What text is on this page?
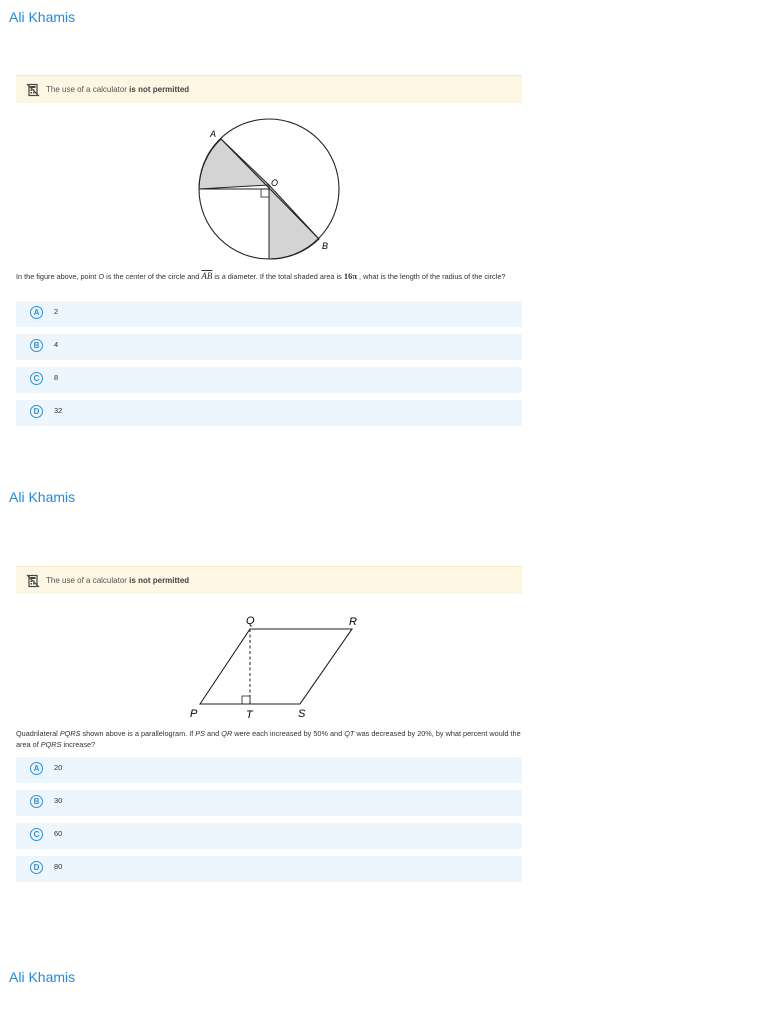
Ali Khamis
The use of a calculator is not permitted
A
O
B
In the figure above, point O is the center of the circle and $\overline{AB}$ is a diameter. If the total shaded area is 16π , what is the length of the radius of the circle?
A	2
B	4
C	8
D	32
Ali Khamis
The use of a calculator is not permitted
Q	R
P	T	S
Quadrilateral PQRS shown above is a parallelogram. If PS and QR were each increased by 50% and QT was decreased by 20%, by what percent would the area of PQRS increase?
A	20
B	30
C	60
D	80
Ali Khamis
